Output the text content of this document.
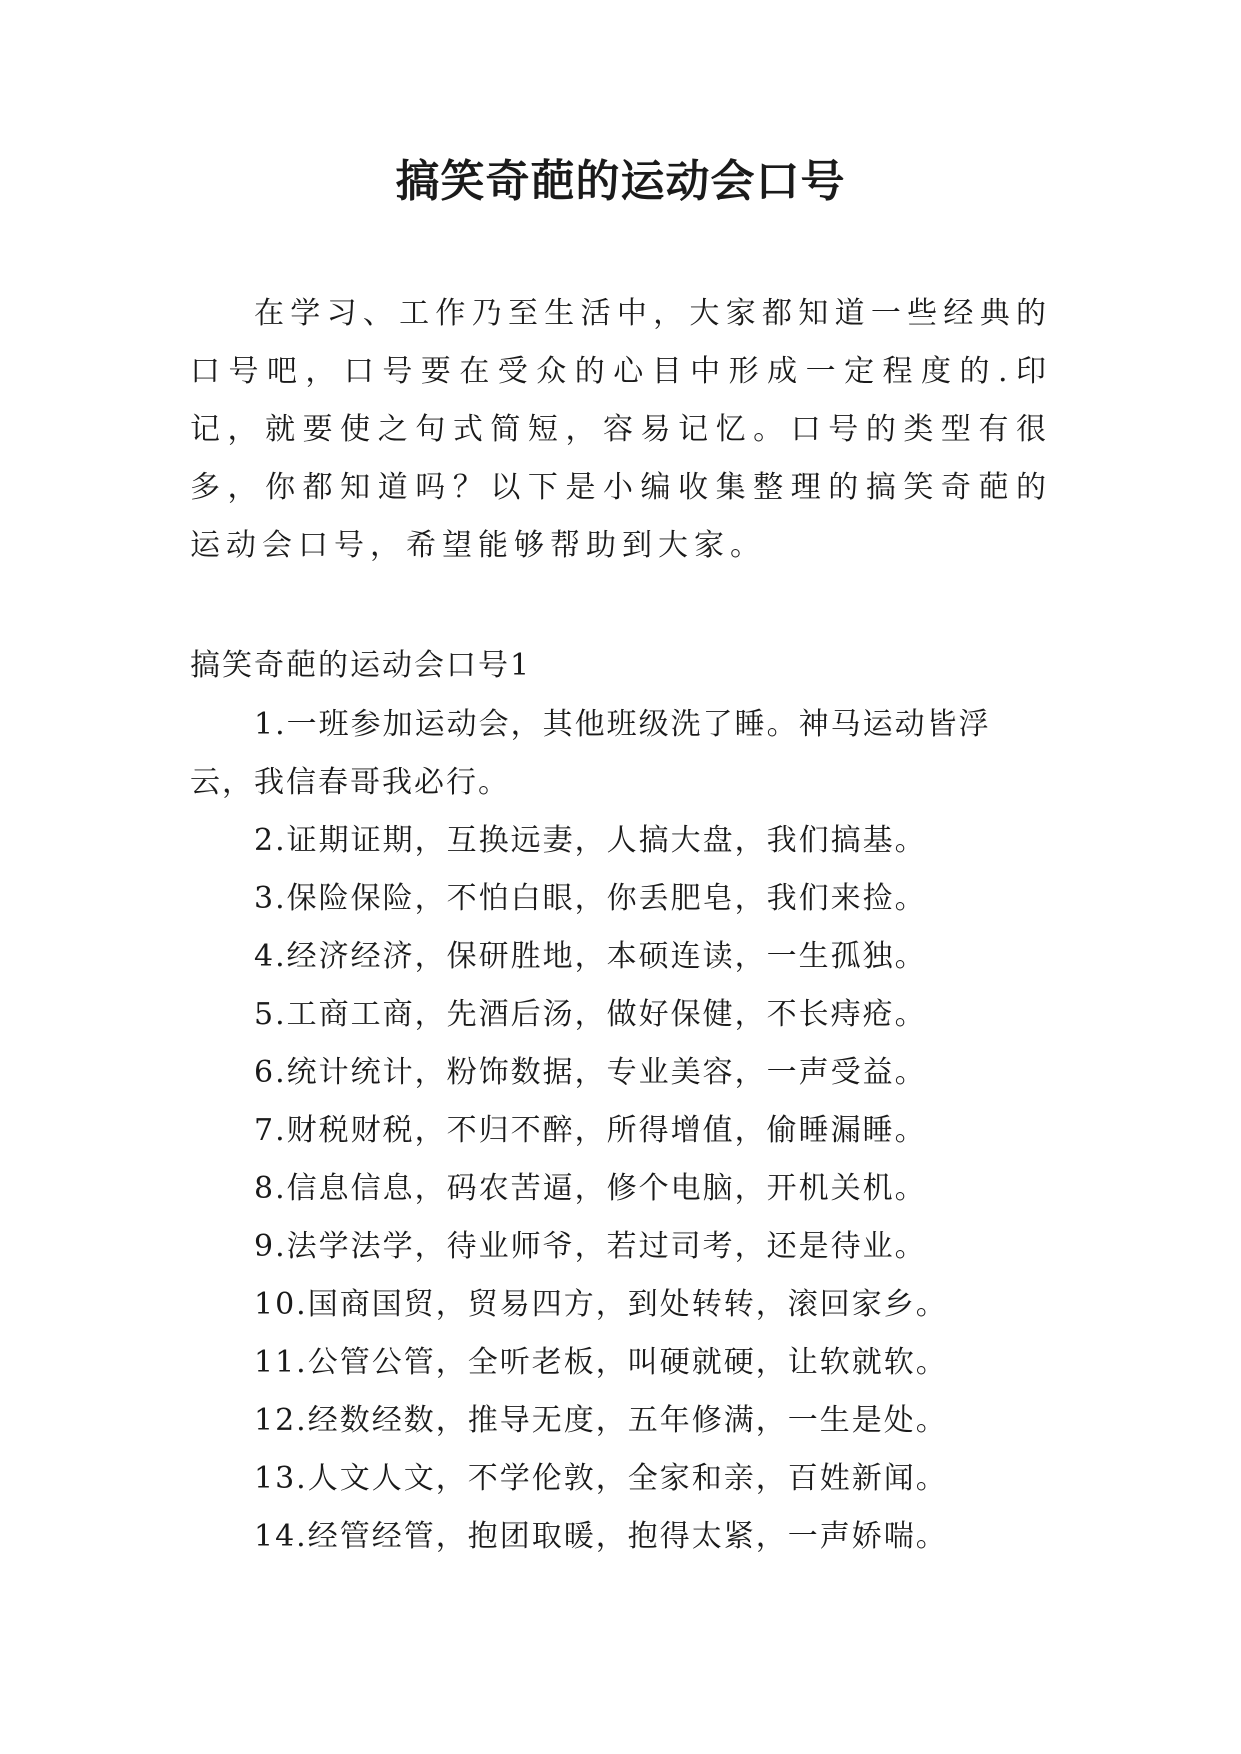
搞笑奇葩的运动会口号

在学习、工作乃至生活中，大家都知道一些经典的口号吧，口号要在受众的心目中形成一定程度的.印记，就要使之句式简短，容易记忆。口号的类型有很多，你都知道吗？以下是小编收集整理的搞笑奇葩的运动会口号，希望能够帮助到大家。

搞笑奇葩的运动会口号1

1.一班参加运动会，其他班级洗了睡。神马运动皆浮云，我信春哥我必行。
2.证期证期，互换远妻，人搞大盘，我们搞基。
3.保险保险，不怕白眼，你丢肥皂，我们来捡。
4.经济经济，保研胜地，本硕连读，一生孤独。
5.工商工商，先酒后汤，做好保健，不长痔疮。
6.统计统计，粉饰数据，专业美容，一声受益。
7.财税财税，不归不醉，所得增值，偷睡漏睡。
8.信息信息，码农苦逼，修个电脑，开机关机。
9.法学法学，待业师爷，若过司考，还是待业。
10.国商国贸，贸易四方，到处转转，滚回家乡。
11.公管公管，全听老板，叫硬就硬，让软就软。
12.经数经数，推导无度，五年修满，一生是处。
13.人文人文，不学伦敦，全家和亲，百姓新闻。
14.经管经管，抱团取暖，抱得太紧，一声娇喘。
